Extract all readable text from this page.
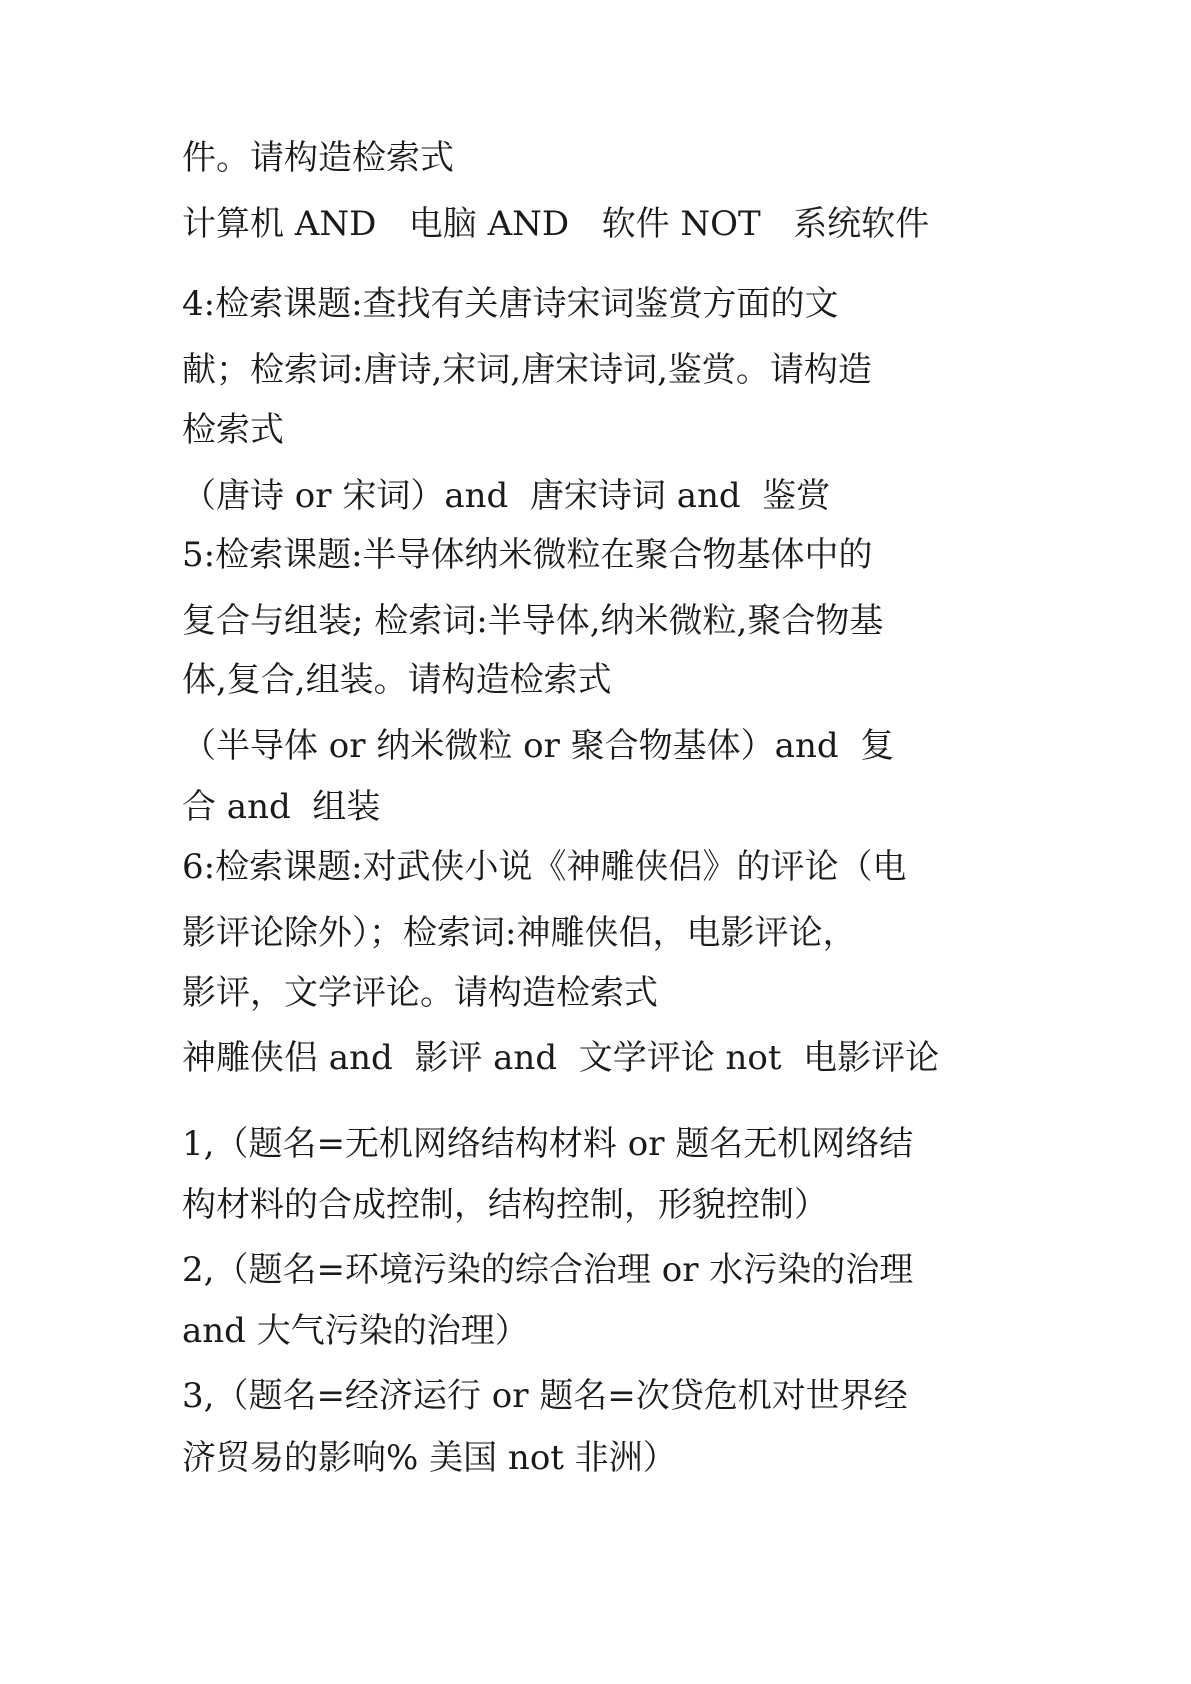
件。请构造检索式
计算机 AND   电脑 AND   软件 NOT   系统软件
4:检索课题:查找有关唐诗宋词鉴赏方面的文
献；检索词:唐诗,宋词,唐宋诗词,鉴赏。请构造
检索式
（唐诗 or 宋词）and  唐宋诗词 and  鉴赏
5:检索课题:半导体纳米微粒在聚合物基体中的
复合与组装; 检索词:半导体,纳米微粒,聚合物基
体,复合,组装。请构造检索式
（半导体 or 纳米微粒 or 聚合物基体）and  复
合 and  组装
6:检索课题:对武侠小说《神雕侠侣》的评论（电
影评论除外）；检索词:神雕侠侣，电影评论，
影评，文学评论。请构造检索式
神雕侠侣 and  影评 and  文学评论 not  电影评论
1,（题名=无机网络结构材料 or 题名无机网络结
构材料的合成控制，结构控制，形貌控制）
2,（题名=环境污染的综合治理 or 水污染的治理
and 大气污染的治理）
3,（题名=经济运行 or 题名=次贷危机对世界经
济贸易的影响% 美国 not 非洲）
